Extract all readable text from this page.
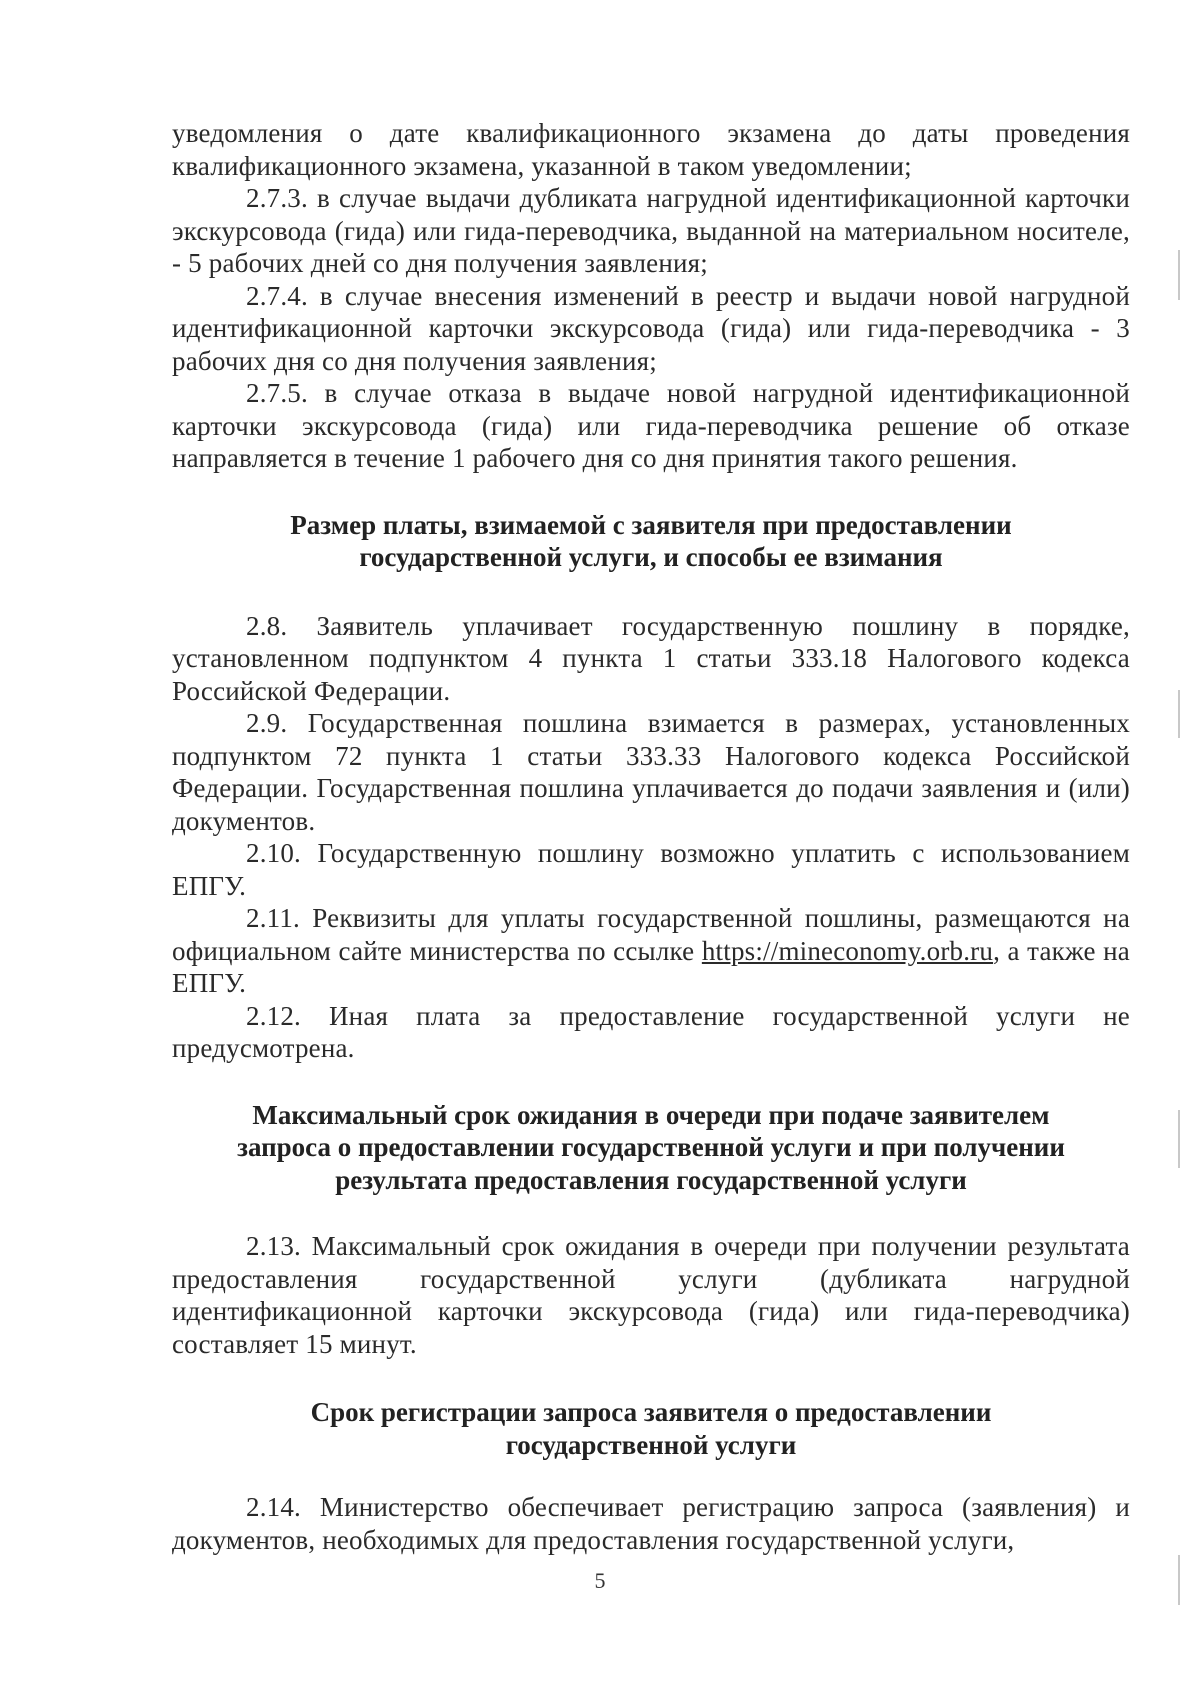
уведомления о дате квалификационного экзамена до даты проведения квалификационного экзамена, указанной в таком уведомлении;

2.7.3. в случае выдачи дубликата нагрудной идентификационной карточки экскурсовода (гида) или гида-переводчика, выданной на материальном носителе, - 5 рабочих дней со дня получения заявления;

2.7.4. в случае внесения изменений в реестр и выдачи новой нагрудной идентификационной карточки экскурсовода (гида) или гида-переводчика - 3 рабочих дня со дня получения заявления;

2.7.5. в случае отказа в выдаче новой нагрудной идентификационной карточки экскурсовода (гида) или гида-переводчика решение об отказе направляется в течение 1 рабочего дня со дня принятия такого решения.

Размер платы, взимаемой с заявителя при предоставлении
государственной услуги, и способы ее взимания

2.8. Заявитель уплачивает государственную пошлину в порядке, установленном подпунктом 4 пункта 1 статьи 333.18 Налогового кодекса Российской Федерации.

2.9. Государственная пошлина взимается в размерах, установленных подпунктом 72 пункта 1 статьи 333.33 Налогового кодекса Российской Федерации. Государственная пошлина уплачивается до подачи заявления и (или) документов.

2.10. Государственную пошлину возможно уплатить с использованием ЕПГУ.

2.11. Реквизиты для уплаты государственной пошлины, размещаются на официальном сайте министерства по ссылке https://mineconomy.orb.ru, а также на ЕПГУ.

2.12. Иная плата за предоставление государственной услуги не предусмотрена.

Максимальный срок ожидания в очереди при подаче заявителем
запроса о предоставлении государственной услуги и при получении
результата предоставления государственной услуги

2.13. Максимальный срок ожидания в очереди при получении результата предоставления государственной услуги (дубликата нагрудной идентификационной карточки экскурсовода (гида) или гида-переводчика) составляет 15 минут.

Срок регистрации запроса заявителя о предоставлении
государственной услуги

2.14. Министерство обеспечивает регистрацию запроса (заявления) и документов, необходимых для предоставления государственной услуги,

5
